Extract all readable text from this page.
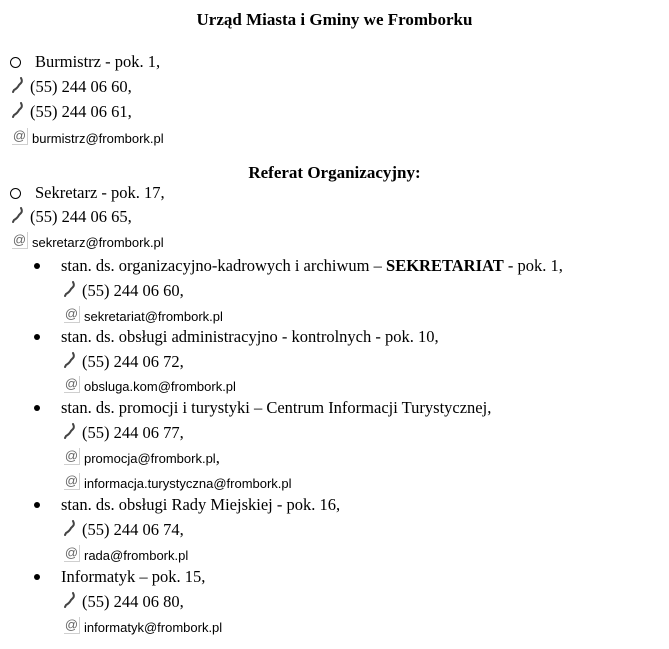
Urząd Miasta i Gminy we Fromborku
Burmistrz - pok. 1,
(55) 244 06 60,
(55) 244 06 61,
@ burmistrz@frombork.pl
Referat Organizacyjny:
Sekretarz - pok. 17,
(55) 244 06 65,
@ sekretarz@frombork.pl
stan. ds. organizacyjno-kadrowych i archiwum – SEKRETARIAT - pok. 1,
(55) 244 06 60,
@ sekretariat@frombork.pl
stan. ds. obsługi administracyjno - kontrolnych - pok. 10,
(55) 244 06 72,
@ obsluga.kom@frombork.pl
stan. ds. promocji i turystyki – Centrum Informacji Turystycznej,
(55) 244 06 77,
@ promocja@frombork.pl,
@ informacja.turystyczna@frombork.pl
stan. ds. obsługi Rady Miejskiej - pok. 16,
(55) 244 06 74,
@ rada@frombork.pl
Informatyk – pok. 15,
(55) 244 06 80,
@ informatyk@frombork.pl
